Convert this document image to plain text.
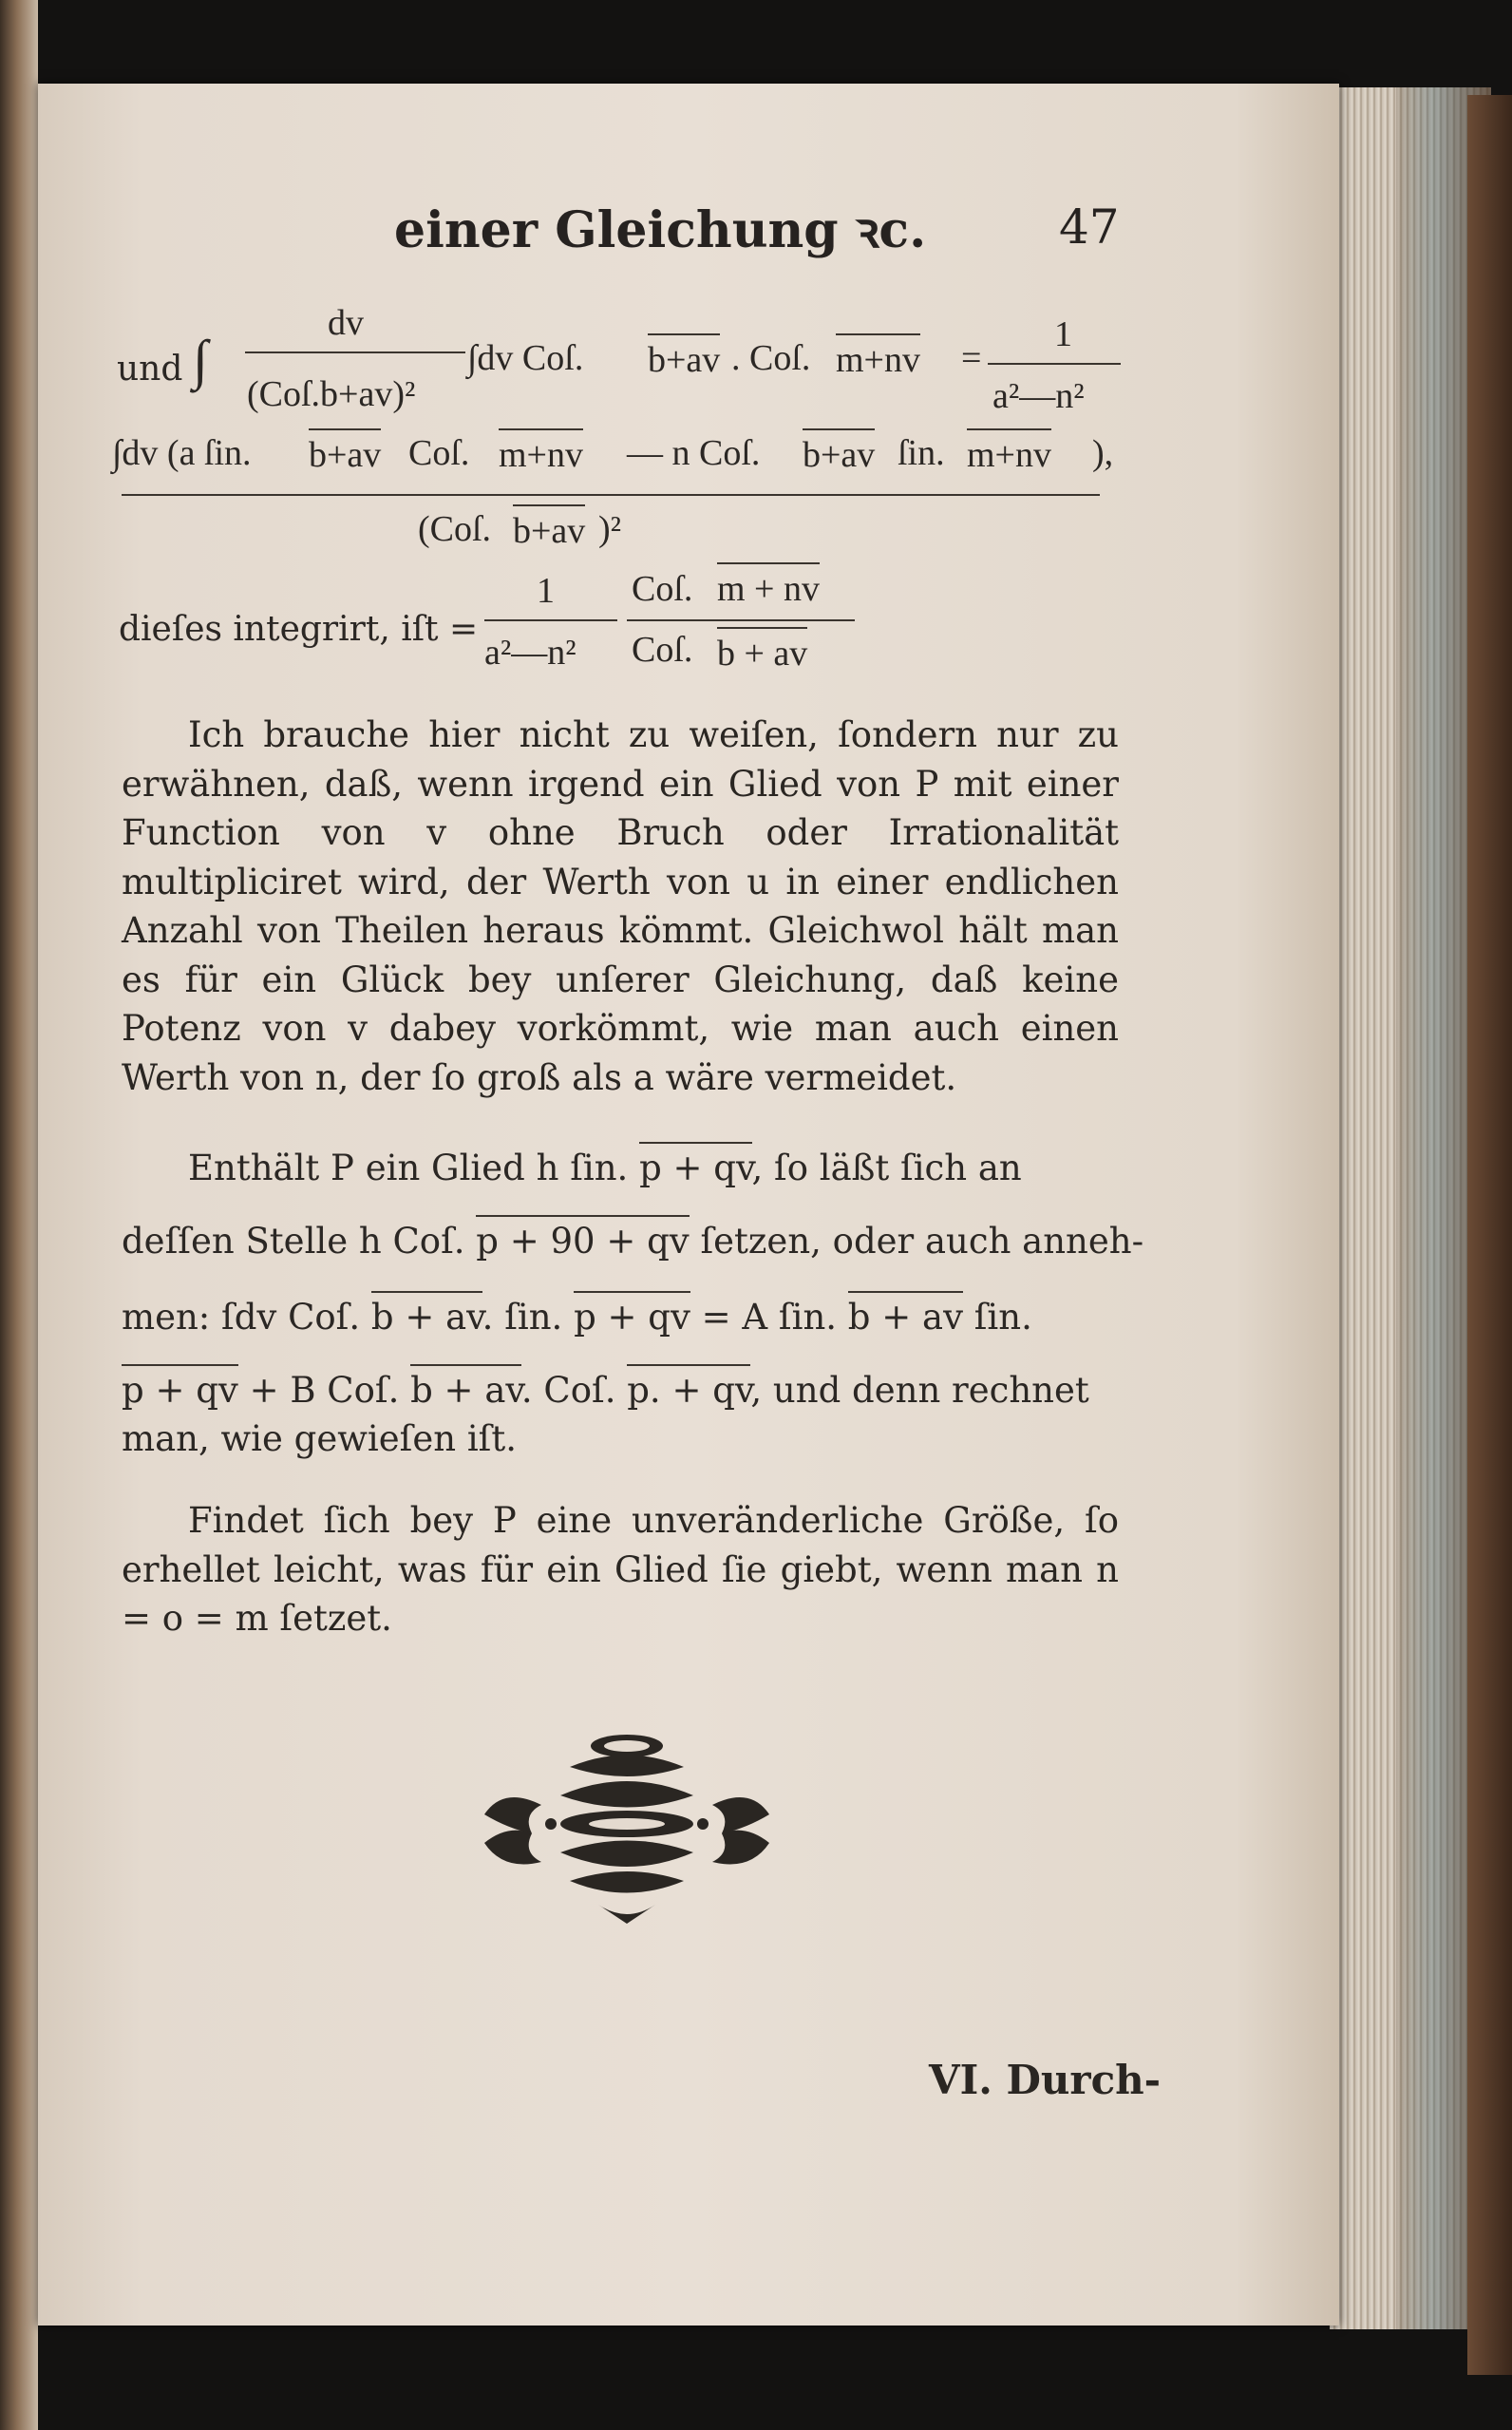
einer Gleichung ꝛc.	47
und ∫
dv
(Coſ.b+av)²
∫dv Coſ. b+av . Coſ. m+nv =
1
a²—n²
∫dv (a ſin. b+av Coſ. m+nv — n Coſ. b+av ſin. m+nv ),
(Coſ. b+av )²
dieſes integrirt, iſt =
1
a²—n²
Coſ. m + nv
Coſ. b + av
Ich brauche hier nicht zu weiſen, ſondern nur zu erwähnen, daß, wenn irgend ein Glied von P mit einer Function von v ohne Bruch oder Irrationalität multipliciret wird, der Werth von u in einer endlichen Anzahl von Theilen heraus kömmt. Gleichwol hält man es für ein Glück bey unſerer Gleichung, daß keine Potenz von v dabey vorkömmt, wie man auch einen Werth von n, der ſo groß als a wäre vermeidet.
Enthält P ein Glied h ſin. p + qv, ſo läßt ſich an
deſſen Stelle h Coſ. p + 90 + qv ſetzen, oder auch anneh-
men: ſdv Coſ. b + av. ſin. p + qv = A ſin. b + av ſin.
p + qv + B Coſ. b + av. Coſ. p. + qv, und denn rechnet
man, wie gewieſen iſt.
Findet ſich bey P eine unveränderliche Größe, ſo erhellet leicht, was für ein Glied ſie giebt, wenn man n = o = m ſetzet.
VI. Durch-
